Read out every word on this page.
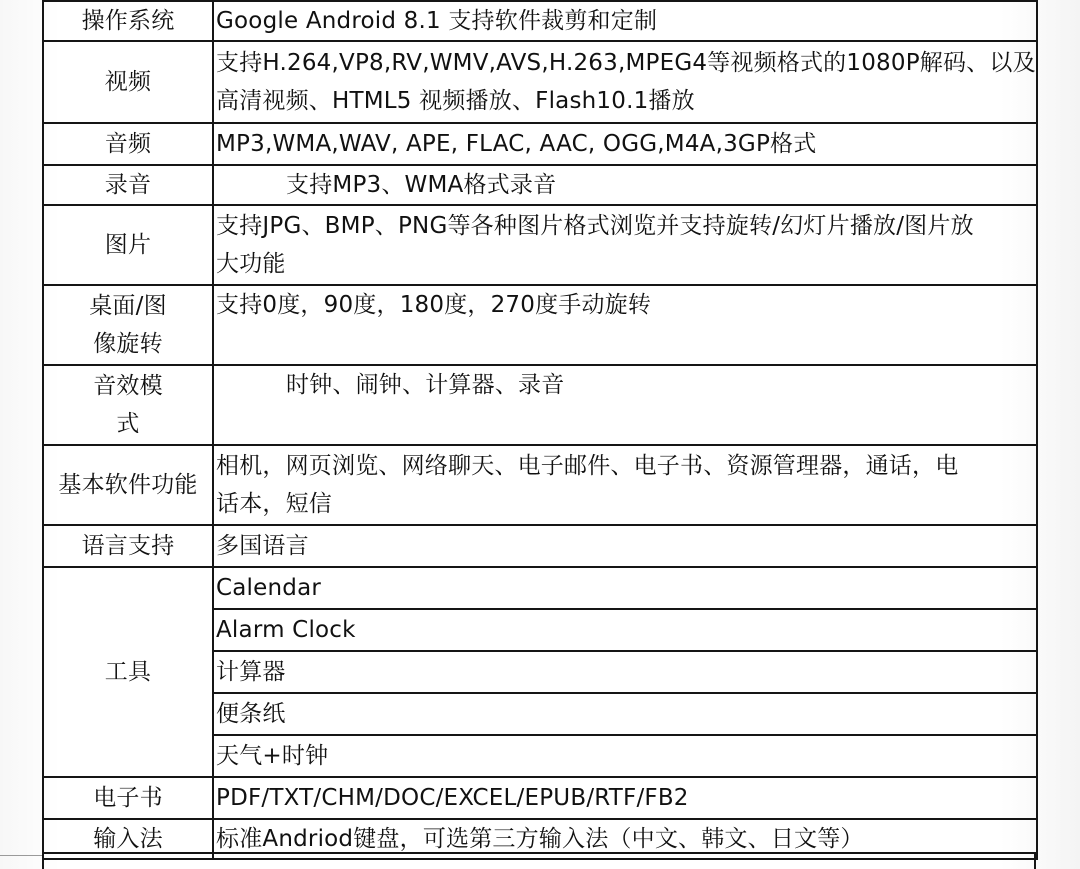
操作系统	Google Android 8.1 支持软件裁剪和定制
视频	支持H.264,VP8,RV,WMV,AVS,H.263,MPEG4等视频格式的1080P解码、以及
高清视频、HTML5 视频播放、Flash10.1播放

音频	MP3,WMA,WAV, APE, FLAC, AAC, OGG,M4A,3GP格式
录音	支持MP3、WMA格式录音
图片	支持JPG、BMP、PNG等各种图片格式浏览并支持旋转/幻灯片播放/图片放
大功能

桌面/图
像旋转	支持0度，90度，180度，270度手动旋转

音效模
式	时钟、闹钟、计算器、录音
基本软件功能	相机，网页浏览、网络聊天、电子邮件、电子书、资源管理器，通话，电
话本，短信

语言支持	多国语言
工具	Calendar
	Alarm Clock
	计算器
	便条纸
	天气+时钟
电子书	PDF/TXT/CHM/DOC/EXCEL/EPUB/RTF/FB2
输入法	标准Andriod键盘，可选第三方输入法（中文、韩文、日文等）
